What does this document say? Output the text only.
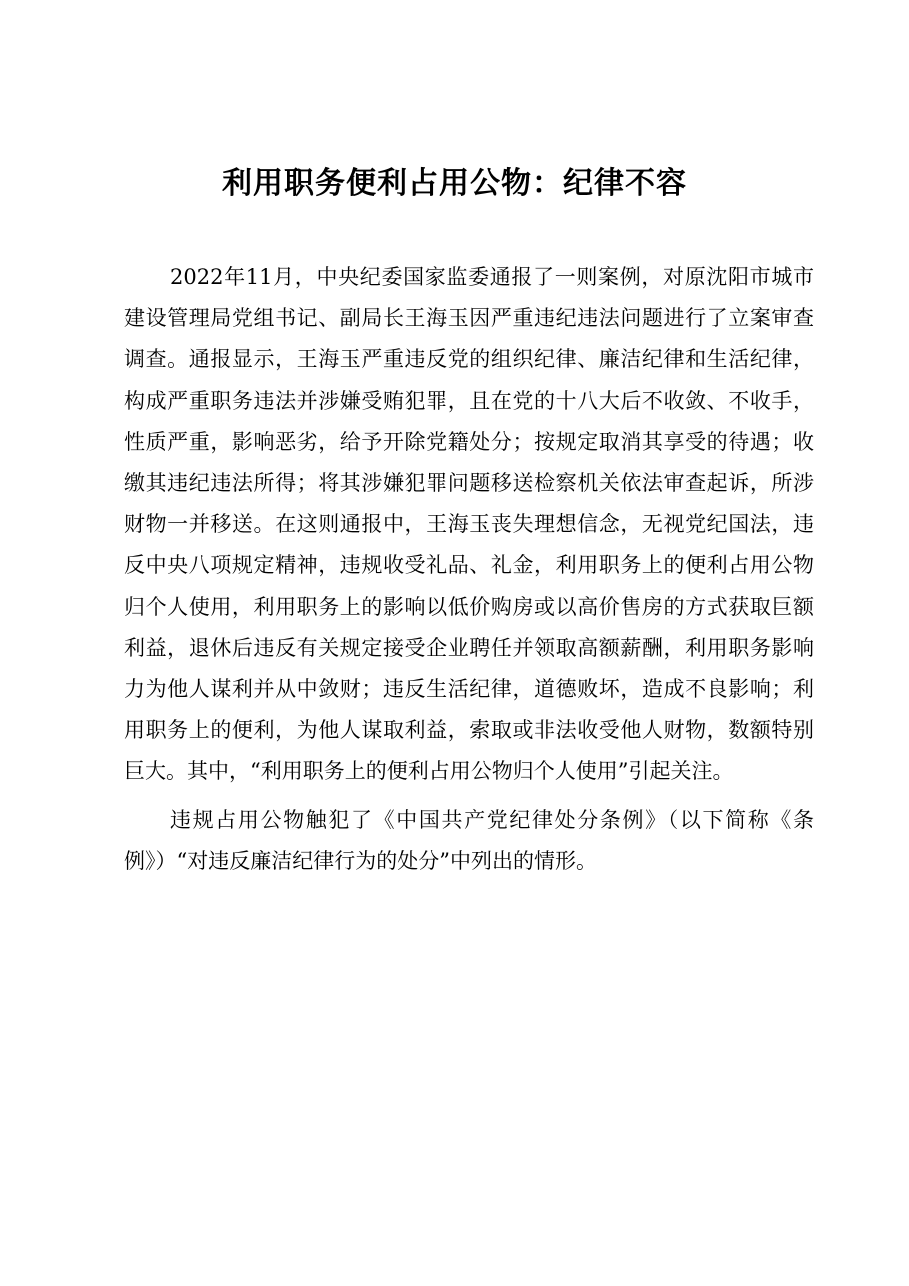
利用职务便利占用公物：纪律不容

2022年11月，中央纪委国家监委通报了一则案例，对原沈阳市城市建设管理局党组书记、副局长王海玉因严重违纪违法问题进行了立案审查调查。通报显示，王海玉严重违反党的组织纪律、廉洁纪律和生活纪律，构成严重职务违法并涉嫌受贿犯罪，且在党的十八大后不收敛、不收手，性质严重，影响恶劣，给予开除党籍处分；按规定取消其享受的待遇；收缴其违纪违法所得；将其涉嫌犯罪问题移送检察机关依法审查起诉，所涉财物一并移送。在这则通报中，王海玉丧失理想信念，无视党纪国法，违反中央八项规定精神，违规收受礼品、礼金，利用职务上的便利占用公物归个人使用，利用职务上的影响以低价购房或以高价售房的方式获取巨额利益，退休后违反有关规定接受企业聘任并领取高额薪酬，利用职务影响力为他人谋利并从中敛财；违反生活纪律，道德败坏，造成不良影响；利用职务上的便利，为他人谋取利益，索取或非法收受他人财物，数额特别巨大。其中，“利用职务上的便利占用公物归个人使用”引起关注。

违规占用公物触犯了《中国共产党纪律处分条例》（以下简称《条例》）“对违反廉洁纪律行为的处分”中列出的情形。
